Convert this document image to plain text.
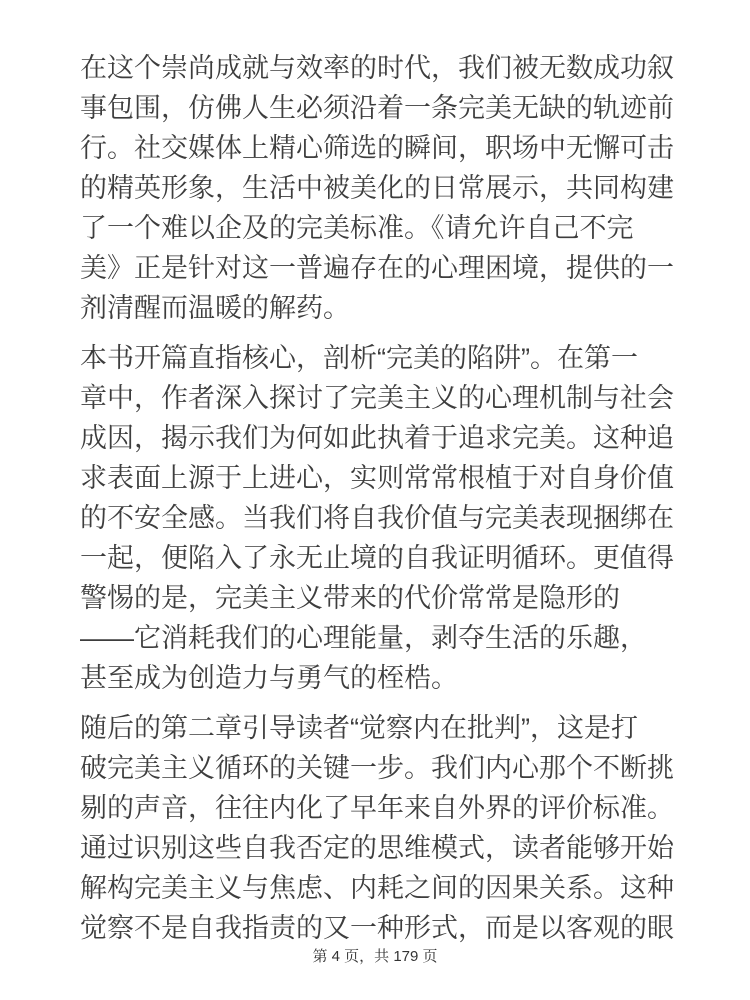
在这个崇尚成就与效率的时代，我们被无数成功叙
事包围，仿佛人生必须沿着一条完美无缺的轨迹前
行。社交媒体上精心筛选的瞬间，职场中无懈可击
的精英形象，生活中被美化的日常展示，共同构建
了一个难以企及的完美标准。《请允许自己不完
美》正是针对这一普遍存在的心理困境，提供的一
剂清醒而温暖的解药。
本书开篇直指核心，剖析“完美的陷阱”。在第一
章中，作者深入探讨了完美主义的心理机制与社会
成因，揭示我们为何如此执着于追求完美。这种追
求表面上源于上进心，实则常常根植于对自身价值
的不安全感。当我们将自我价值与完美表现捆绑在
一起，便陷入了永无止境的自我证明循环。更值得
警惕的是，完美主义带来的代价常常是隐形的
——它消耗我们的心理能量，剥夺生活的乐趣，
甚至成为创造力与勇气的桎梏。
随后的第二章引导读者“觉察内在批判”，这是打
破完美主义循环的关键一步。我们内心那个不断挑
剔的声音，往往内化了早年来自外界的评价标准。
通过识别这些自我否定的思维模式，读者能够开始
解构完美主义与焦虑、内耗之间的因果关系。这种
觉察不是自我指责的又一种形式，而是以客观的眼
第 4 页，共 179 页
